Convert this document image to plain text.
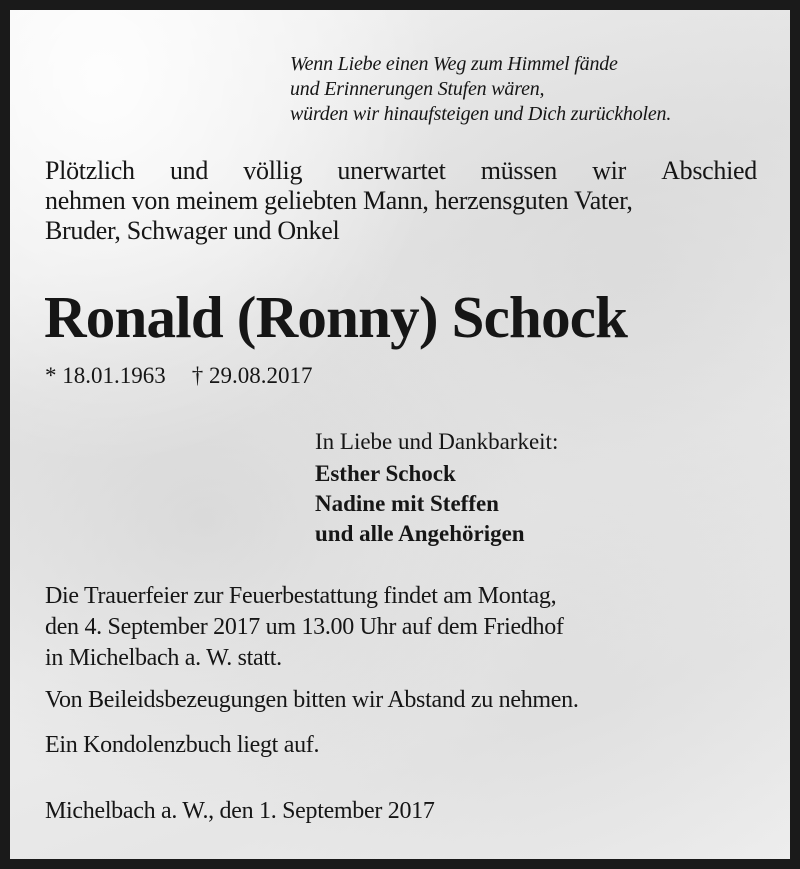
Wenn Liebe einen Weg zum Himmel fände
und Erinnerungen Stufen wären,
würden wir hinaufsteigen und Dich zurückholen.
Plötzlich und völlig unerwartet müssen wir Abschied
nehmen von meinem geliebten Mann, herzensguten Vater,
Bruder, Schwager und Onkel
Ronald (Ronny) Schock
* 18.01.1963 † 29.08.2017
In Liebe und Dankbarkeit:
Esther Schock
Nadine mit Steffen
und alle Angehörigen
Die Trauerfeier zur Feuerbestattung findet am Montag,
den 4. September 2017 um 13.00 Uhr auf dem Friedhof
in Michelbach a. W. statt.
Von Beileidsbezeugungen bitten wir Abstand zu nehmen.
Ein Kondolenzbuch liegt auf.
Michelbach a. W., den 1. September 2017
